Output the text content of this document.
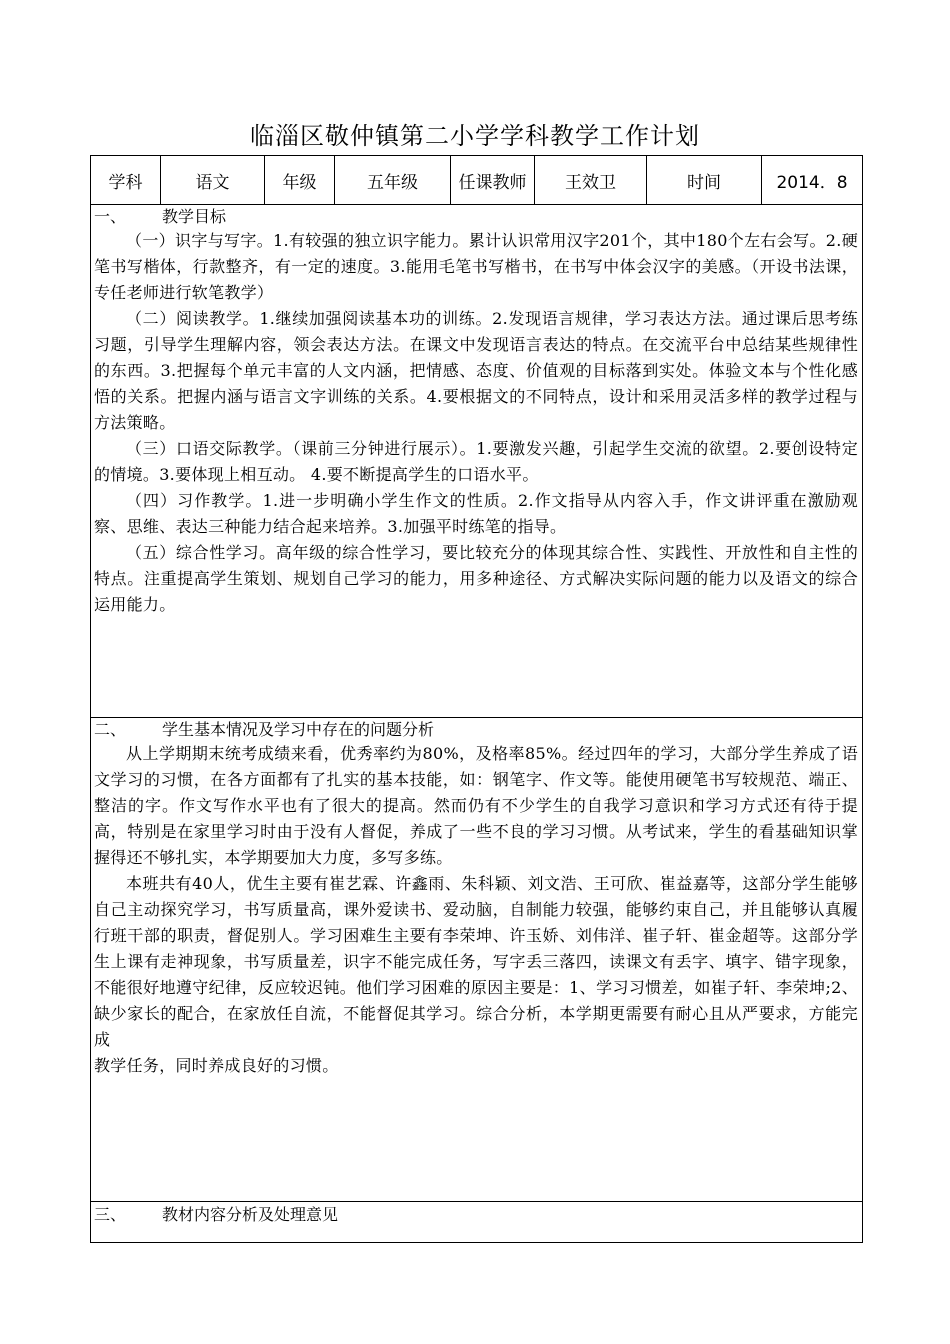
临淄区敬仲镇第二小学学科教学工作计划
学科	语文	年级	五年级	任课教师	王效卫	时间	2014．8
一、	教学目标

（一）识字与写字。1.有较强的独立识字能力。累计认识常用汉字201个，其中180个左右会写。2.硬笔书写楷体，行款整齐，有一定的速度。3.能用毛笔书写楷书，在书写中体会汉字的美感。（开设书法课，专任老师进行软笔教学）

（二）阅读教学。1.继续加强阅读基本功的训练。2.发现语言规律，学习表达方法。通过课后思考练习题，引导学生理解内容，领会表达方法。在课文中发现语言表达的特点。在交流平台中总结某些规律性的东西。3.把握每个单元丰富的人文内涵，把情感、态度、价值观的目标落到实处。体验文本与个性化感悟的关系。把握内涵与语言文字训练的关系。4.要根据文的不同特点，设计和采用灵活多样的教学过程与方法策略。

（三）口语交际教学。（课前三分钟进行展示）。1.要激发兴趣，引起学生交流的欲望。2.要创设特定的情境。3.要体现上相互动。 4.要不断提高学生的口语水平。

（四）习作教学。1.进一步明确小学生作文的性质。2.作文指导从内容入手，作文讲评重在激励观察、思维、表达三种能力结合起来培养。3.加强平时练笔的指导。

（五）综合性学习。高年级的综合性学习，要比较充分的体现其综合性、实践性、开放性和自主性的特点。注重提高学生策划、规划自己学习的能力，用多种途径、方式解决实际问题的能力以及语文的综合运用能力。

二、	学生基本情况及学习中存在的问题分析

从上学期期末统考成绩来看，优秀率约为80%，及格率85%。经过四年的学习，大部分学生养成了语文学习的习惯，在各方面都有了扎实的基本技能，如：钢笔字、作文等。能使用硬笔书写较规范、端正、整洁的字。作文写作水平也有了很大的提高。然而仍有不少学生的自我学习意识和学习方式还有待于提高，特别是在家里学习时由于没有人督促，养成了一些不良的学习习惯。从考试来，学生的看基础知识掌握得还不够扎实，本学期要加大力度，多写多练。

本班共有40人，优生主要有崔艺霖、许鑫雨、朱科颖、刘文浩、王可欣、崔益嘉等，这部分学生能够自己主动探究学习，书写质量高，课外爱读书、爱动脑，自制能力较强，能够约束自己，并且能够认真履行班干部的职责，督促别人。学习困难生主要有李荣坤、许玉娇、刘伟洋、崔子轩、崔金超等。这部分学生上课有走神现象，书写质量差，识字不能完成任务，写字丢三落四，读课文有丢字、填字、错字现象，不能很好地遵守纪律，反应较迟钝。他们学习困难的原因主要是：1、学习习惯差，如崔子轩、李荣坤;2、缺少家长的配合，在家放任自流，不能督促其学习。综合分析，本学期更需要有耐心且从严要求，方能完成

教学任务，同时养成良好的习惯。

三、	教材内容分析及处理意见
